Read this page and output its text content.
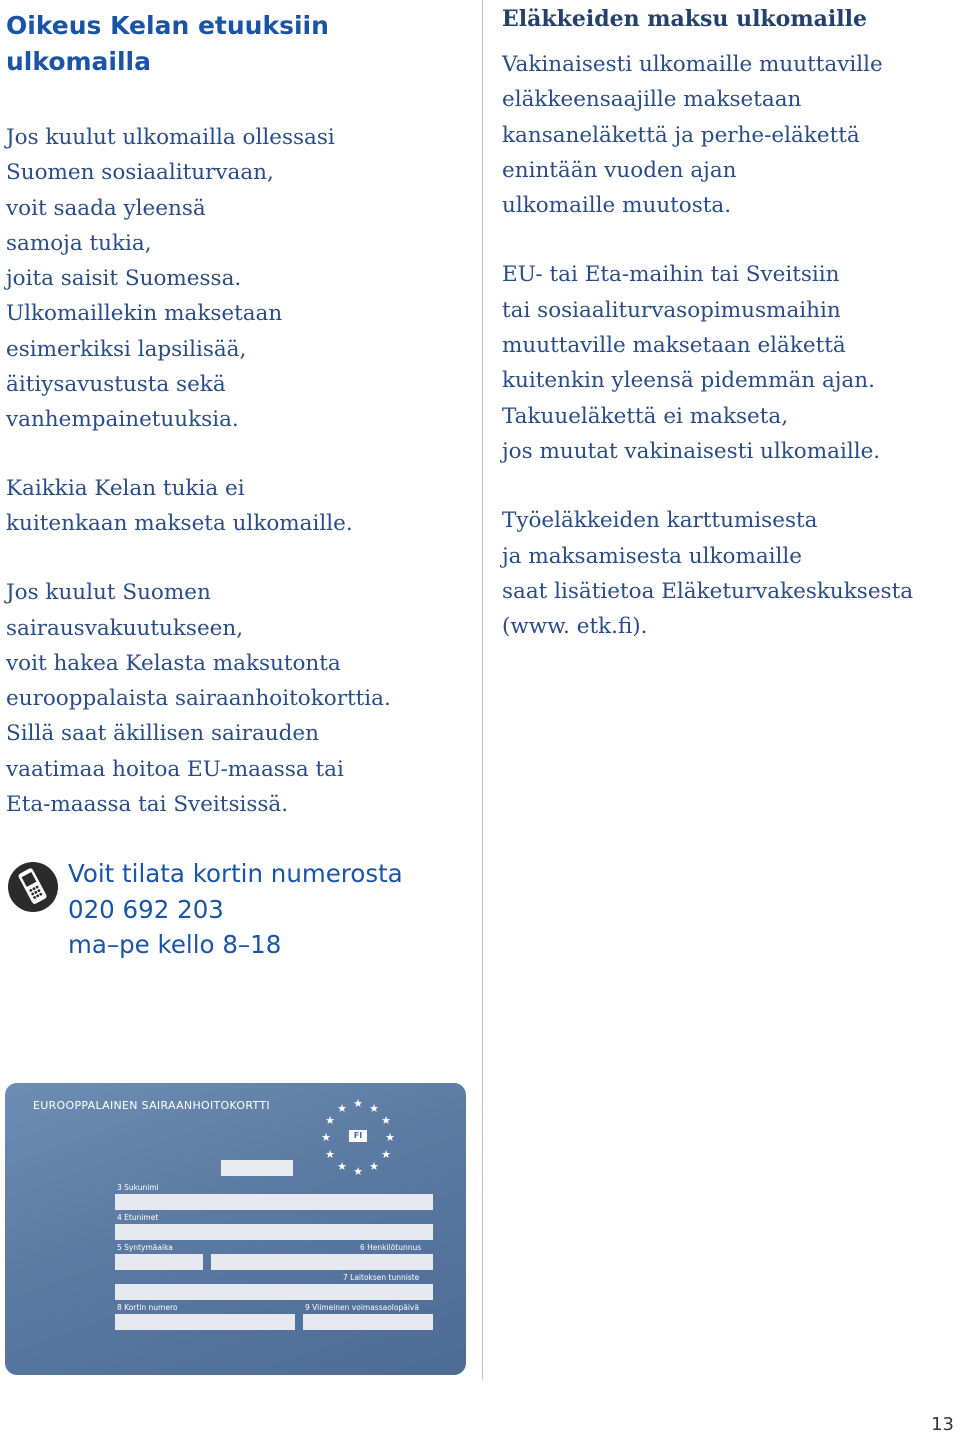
Oikeus Kelan etuuksiin
ulkomailla

Jos kuulut ulkomailla ollessasi
Suomen sosiaaliturvaan,
voit saada yleensä
samoja tukia,
joita saisit Suomessa.
Ulkomaillekin maksetaan
esimerkiksi lapsilisää,
äitiysavustusta sekä
vanhempainetuuksia.

Kaikkia Kelan tukia ei
kuitenkaan makseta ulkomaille.

Jos kuulut Suomen
sairausvakuutukseen,
voit hakea Kelasta maksutonta
eurooppalaista sairaanhoitokorttia.
Sillä saat äkillisen sairauden
vaatimaa hoitoa EU-maassa tai
Eta-maassa tai Sveitsissä.

Eläkkeiden maksu ulkomaille

Vakinaisesti ulkomaille muuttaville
eläkkeensaajille maksetaan
kansaneläkettä ja perhe-eläkettä
enintään vuoden ajan
ulkomaille muutosta.

EU- tai Eta-maihin tai Sveitsiin
tai sosiaaliturvasopimusmaihin
muuttaville maksetaan eläkettä
kuitenkin yleensä pidemmän ajan.
Takuueläkettä ei makseta,
jos muutat vakinaisesti ulkomaille.

Työeläkkeiden karttumisesta
ja maksamisesta ulkomaille
saat lisätietoa Eläketurvakeskuksesta
(www. etk.fi).

Voit tilata kortin numerosta
020 692 203
ma–pe kello 8–18
EUROOPPALAINEN SAIRAANHOITOKORTTI	★ ★
★
★
★
★
★
★
★
★
★
★
FI
3 Sukunimi
4 Etunimet
5 Syntymäaika	6 Henkilötunnus
7 Laitoksen tunniste
8 Kortin numero	9 Viimeinen voimassaolopäivä
13
